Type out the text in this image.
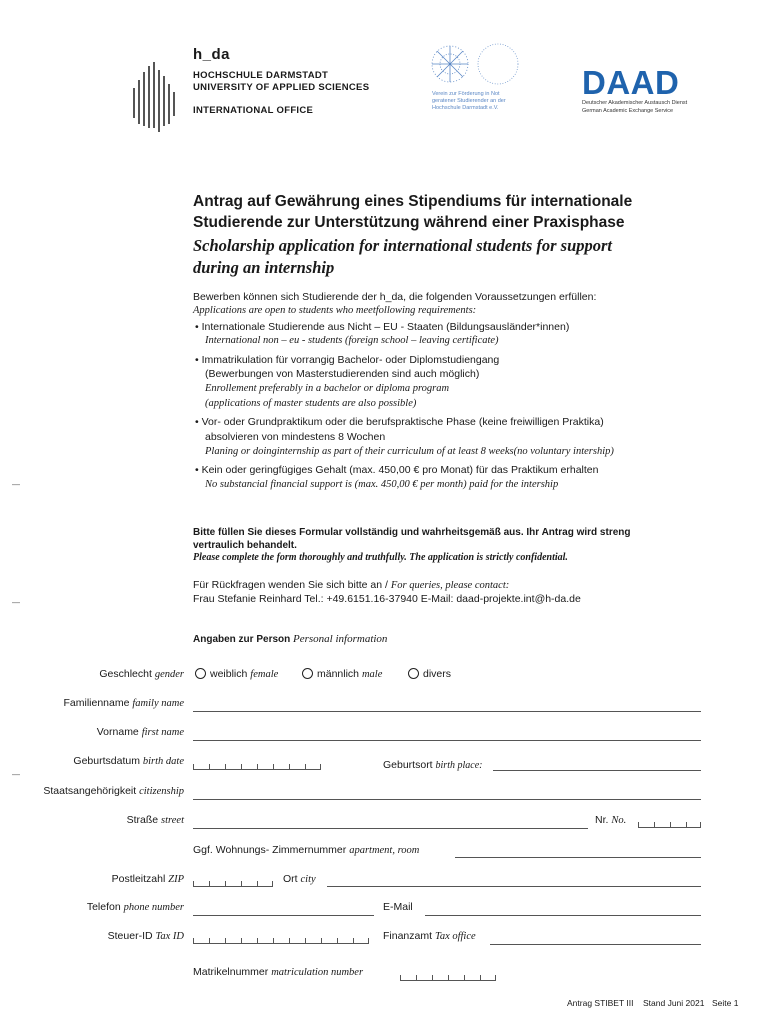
h_da
HOCHSCHULE DARMSTADT
UNIVERSITY OF APPLIED SCIENCES
INTERNATIONAL OFFICE
Verein zur Förderung in Not
geratener Studierender an der
Hochschule Darmstadt e.V.
DAAD
Deutscher Akademischer Austausch Dienst
German Academic Exchange Service
Antrag auf Gewährung eines Stipendiums für internationale
Studierende zur Unterstützung während einer Praxisphase
Scholarship application for international students for support
during an internship
Bewerben können sich Studierende der h_da, die folgenden Voraussetzungen erfüllen:
Applications are open to students who meetfollowing requirements:
• Internationale Studierende aus Nicht – EU - Staaten (Bildungsausländer*innen)
International non – eu - students (foreign school – leaving certificate)
• Immatrikulation für vorrangig Bachelor- oder Diplomstudiengang
(Bewerbungen von Masterstudierenden sind auch möglich)
Enrollement preferably in a bachelor or diploma program
(applications of master students are also possible)
• Vor- oder Grundpraktikum oder die berufspraktische Phase (keine freiwilligen Praktika)
absolvieren von mindestens 8 Wochen
Planing or doinginternship as part of their curriculum of at least 8 weeks(no voluntary intership)
• Kein oder geringfügiges Gehalt (max. 450,00 € pro Monat) für das Praktikum erhalten
No substancial financial support is (max. 450,00 € per month) paid for the intership
—
—
—
Bitte füllen Sie dieses Formular vollständig und wahrheitsgemäß aus. Ihr Antrag wird streng
vertraulich behandelt.
Please complete the form thoroughly and truthfully. The application is strictly confidential.
Für Rückfragen wenden Sie sich bitte an / For queries, please contact:
Frau Stefanie Reinhard Tel.: +49.6151.16-37940 E-Mail: daad-projekte.int@h-da.de
Angaben zur Person Personal information
Geschlecht gender	weiblich female	männlich male	divers
Familienname family name
Vorname first name
Geburtsdatum birth date	Geburtsort birth place:
Staatsangehörigkeit citizenship
Straße street	Nr. No.
Ggf. Wohnungs- Zimmernummer apartment, room
Postleitzahl ZIP	Ort city
Telefon phone number	E-Mail
Steuer-ID Tax ID	Finanzamt Tax office
Matrikelnummer matriculation number
Antrag STIBET III Stand Juni 2021 Seite 1
